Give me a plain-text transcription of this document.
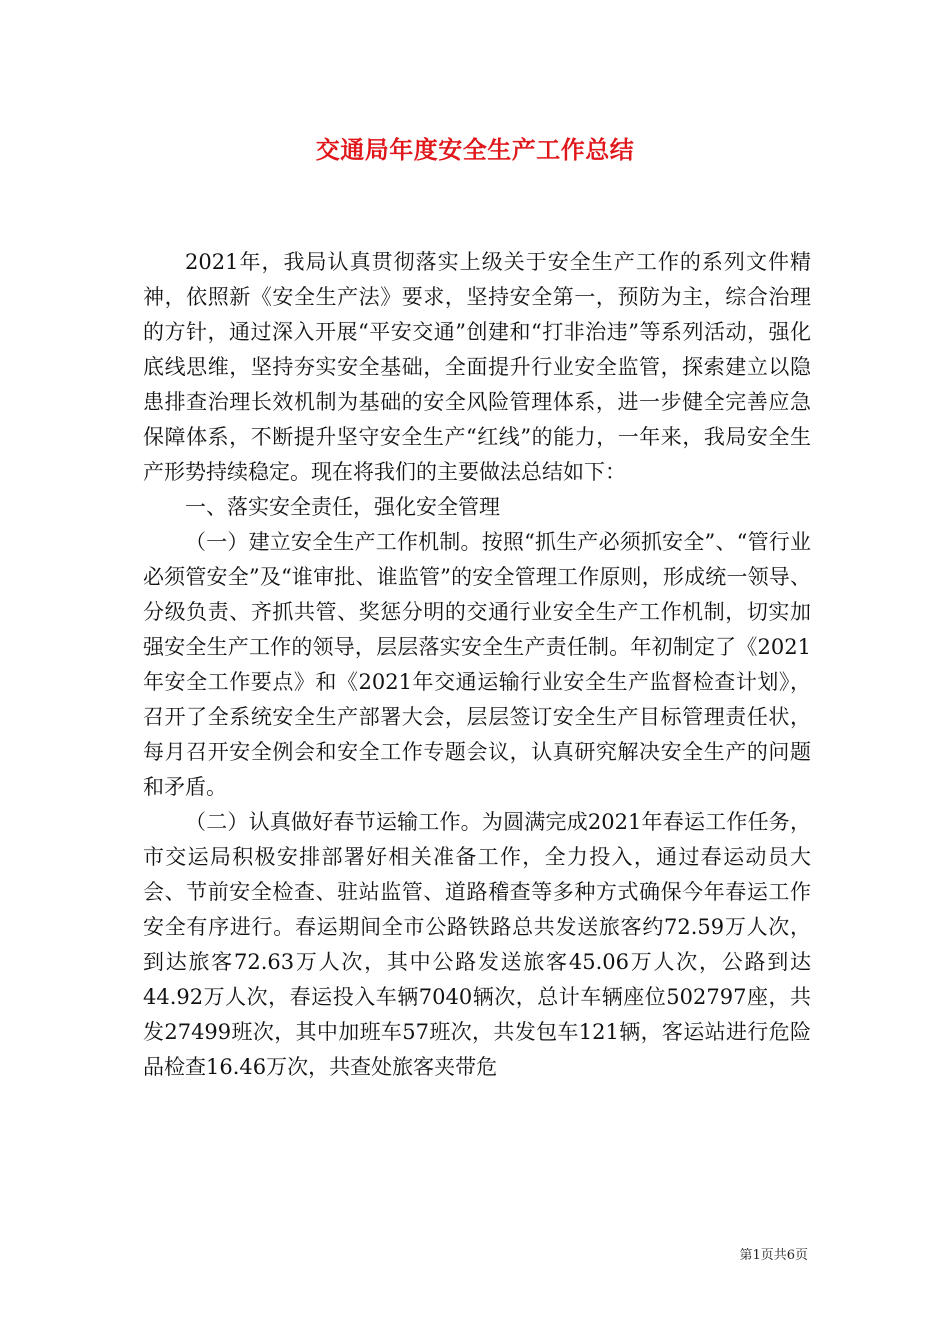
交通局年度安全生产工作总结

2021年，我局认真贯彻落实上级关于安全生产工作的系列文件精神，依照新《安全生产法》要求，坚持安全第一，预防为主，综合治理的方针，通过深入开展“平安交通”创建和“打非治违”等系列活动，强化底线思维，坚持夯实安全基础，全面提升行业安全监管，探索建立以隐患排查治理长效机制为基础的安全风险管理体系，进一步健全完善应急保障体系，不断提升坚守安全生产“红线”的能力，一年来，我局安全生产形势持续稳定。现在将我们的主要做法总结如下：

一、落实安全责任，强化安全管理

（一）建立安全生产工作机制。按照“抓生产必须抓安全”、“管行业必须管安全”及“谁审批、谁监管”的安全管理工作原则，形成统一领导、分级负责、齐抓共管、奖惩分明的交通行业安全生产工作机制，切实加强安全生产工作的领导，层层落实安全生产责任制。年初制定了《2021年安全工作要点》和《2021年交通运输行业安全生产监督检查计划》，召开了全系统安全生产部署大会，层层签订安全生产目标管理责任状，每月召开安全例会和安全工作专题会议，认真研究解决安全生产的问题和矛盾。

（二）认真做好春节运输工作。为圆满完成2021年春运工作任务，市交运局积极安排部署好相关准备工作，全力投入，通过春运动员大会、节前安全检查、驻站监管、道路稽查等多种方式确保今年春运工作安全有序进行。春运期间全市公路铁路总共发送旅客约72.59万人次，到达旅客72.63万人次，其中公路发送旅客45.06万人次，公路到达44.92万人次，春运投入车辆7040辆次，总计车辆座位502797座，共发27499班次，其中加班车57班次，共发包车121辆，客运站进行危险品检查16.46万次，共查处旅客夹带危

第1页共6页
